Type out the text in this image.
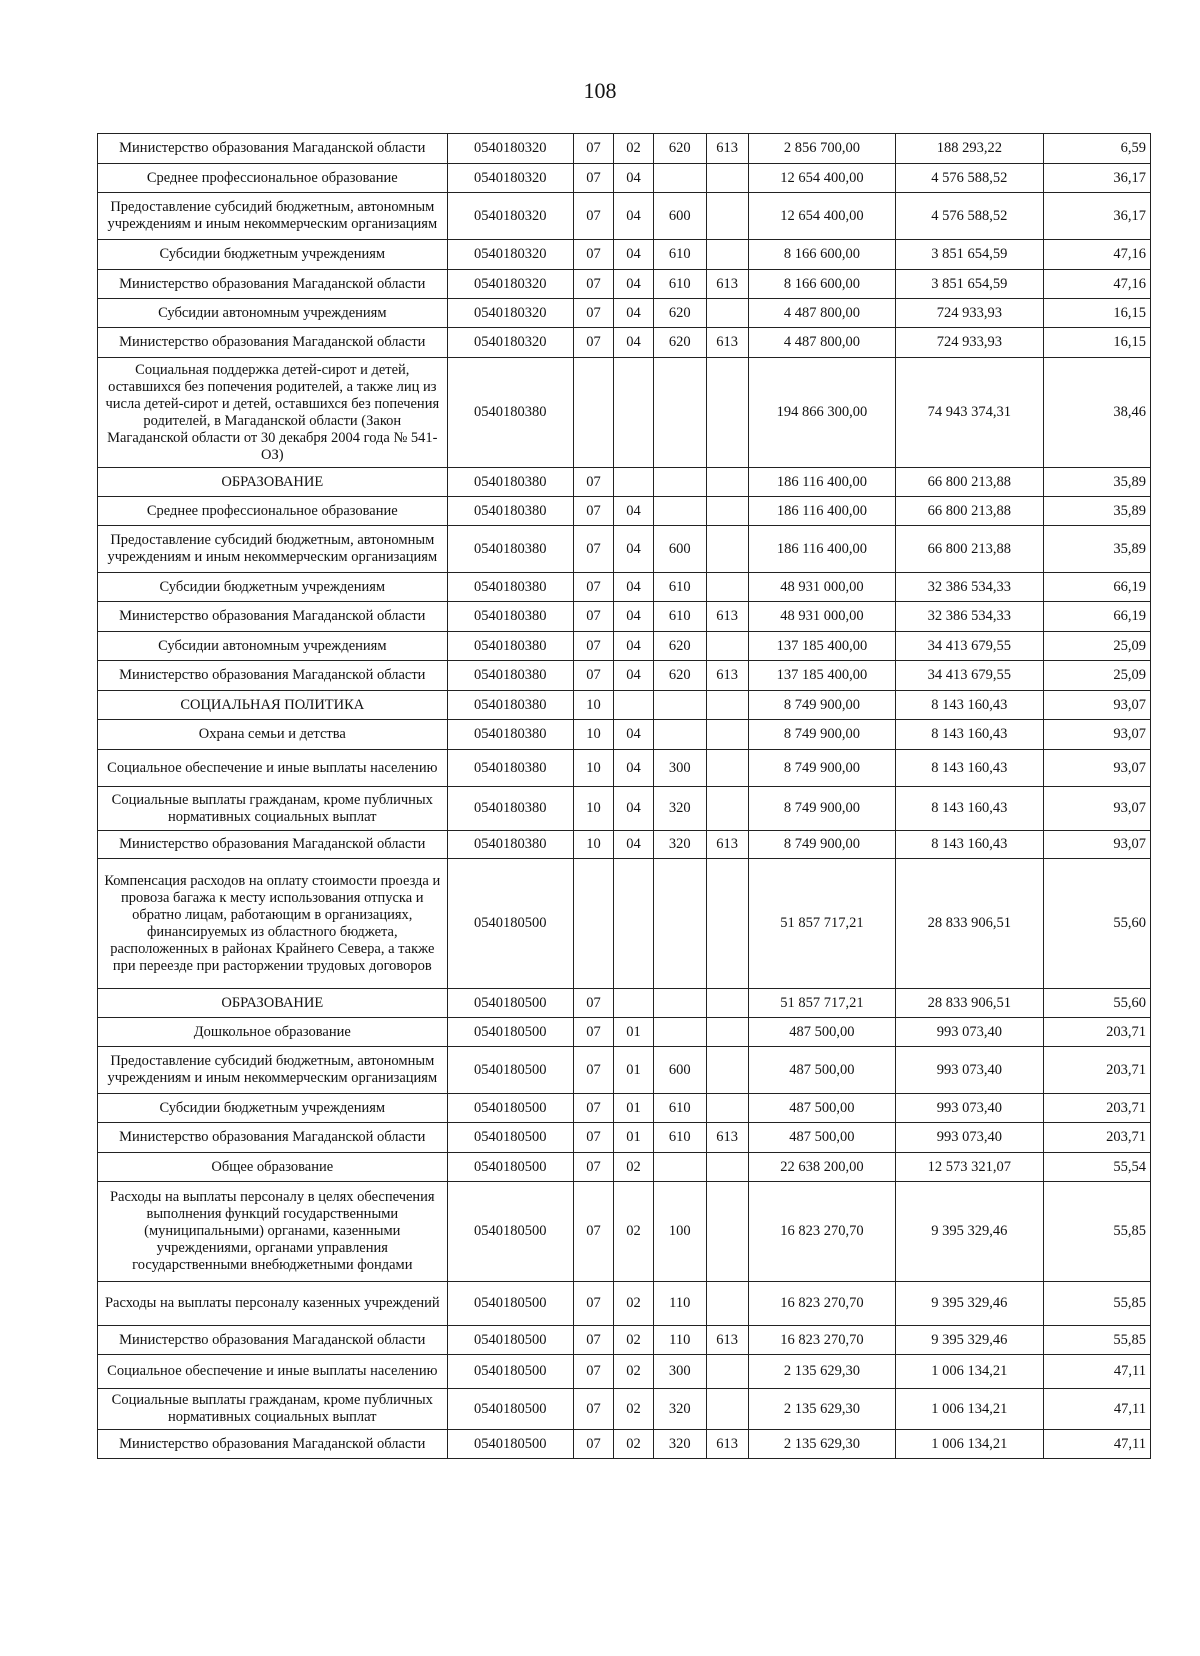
108
Министерство образования Магаданской области	0540180320	07	02	620	613	2 856 700,00	188 293,22	6,59
Среднее профессиональное образование	0540180320	07	04			12 654 400,00	4 576 588,52	36,17
Предоставление субсидий бюджетным, автономным учреждениям и иным некоммерческим организациям	0540180320	07	04	600		12 654 400,00	4 576 588,52	36,17
Субсидии бюджетным учреждениям	0540180320	07	04	610		8 166 600,00	3 851 654,59	47,16
Министерство образования Магаданской области	0540180320	07	04	610	613	8 166 600,00	3 851 654,59	47,16
Субсидии автономным учреждениям	0540180320	07	04	620		4 487 800,00	724 933,93	16,15
Министерство образования Магаданской области	0540180320	07	04	620	613	4 487 800,00	724 933,93	16,15
Социальная поддержка детей-сирот и детей, оставшихся без попечения родителей, а также лиц из числа детей-сирот и детей, оставшихся без попечения родителей, в Магаданской области (Закон Магаданской области от 30 декабря 2004 года № 541-ОЗ)	0540180380					194 866 300,00	74 943 374,31	38,46
ОБРАЗОВАНИЕ	0540180380	07				186 116 400,00	66 800 213,88	35,89
Среднее профессиональное образование	0540180380	07	04			186 116 400,00	66 800 213,88	35,89
Предоставление субсидий бюджетным, автономным учреждениям и иным некоммерческим организациям	0540180380	07	04	600		186 116 400,00	66 800 213,88	35,89
Субсидии бюджетным учреждениям	0540180380	07	04	610		48 931 000,00	32 386 534,33	66,19
Министерство образования Магаданской области	0540180380	07	04	610	613	48 931 000,00	32 386 534,33	66,19
Субсидии автономным учреждениям	0540180380	07	04	620		137 185 400,00	34 413 679,55	25,09
Министерство образования Магаданской области	0540180380	07	04	620	613	137 185 400,00	34 413 679,55	25,09
СОЦИАЛЬНАЯ ПОЛИТИКА	0540180380	10				8 749 900,00	8 143 160,43	93,07
Охрана семьи и детства	0540180380	10	04			8 749 900,00	8 143 160,43	93,07
Социальное обеспечение и иные выплаты населению	0540180380	10	04	300		8 749 900,00	8 143 160,43	93,07
Социальные выплаты гражданам, кроме публичных нормативных социальных выплат	0540180380	10	04	320		8 749 900,00	8 143 160,43	93,07
Министерство образования Магаданской области	0540180380	10	04	320	613	8 749 900,00	8 143 160,43	93,07
Компенсация расходов на оплату стоимости проезда и провоза багажа к месту использования отпуска и обратно лицам, работающим в организациях, финансируемых из областного бюджета, расположенных в районах Крайнего Севера, а также при переезде при расторжении трудовых договоров	0540180500					51 857 717,21	28 833 906,51	55,60
ОБРАЗОВАНИЕ	0540180500	07				51 857 717,21	28 833 906,51	55,60
Дошкольное образование	0540180500	07	01			487 500,00	993 073,40	203,71
Предоставление субсидий бюджетным, автономным учреждениям и иным некоммерческим организациям	0540180500	07	01	600		487 500,00	993 073,40	203,71
Субсидии бюджетным учреждениям	0540180500	07	01	610		487 500,00	993 073,40	203,71
Министерство образования Магаданской области	0540180500	07	01	610	613	487 500,00	993 073,40	203,71
Общее образование	0540180500	07	02			22 638 200,00	12 573 321,07	55,54
Расходы на выплаты персоналу в целях обеспечения выполнения функций государственными (муниципальными) органами, казенными учреждениями, органами управления государственными внебюджетными фондами	0540180500	07	02	100		16 823 270,70	9 395 329,46	55,85
Расходы на выплаты персоналу казенных учреждений	0540180500	07	02	110		16 823 270,70	9 395 329,46	55,85
Министерство образования Магаданской области	0540180500	07	02	110	613	16 823 270,70	9 395 329,46	55,85
Социальное обеспечение и иные выплаты населению	0540180500	07	02	300		2 135 629,30	1 006 134,21	47,11
Социальные выплаты гражданам, кроме публичных нормативных социальных выплат	0540180500	07	02	320		2 135 629,30	1 006 134,21	47,11
Министерство образования Магаданской области	0540180500	07	02	320	613	2 135 629,30	1 006 134,21	47,11
